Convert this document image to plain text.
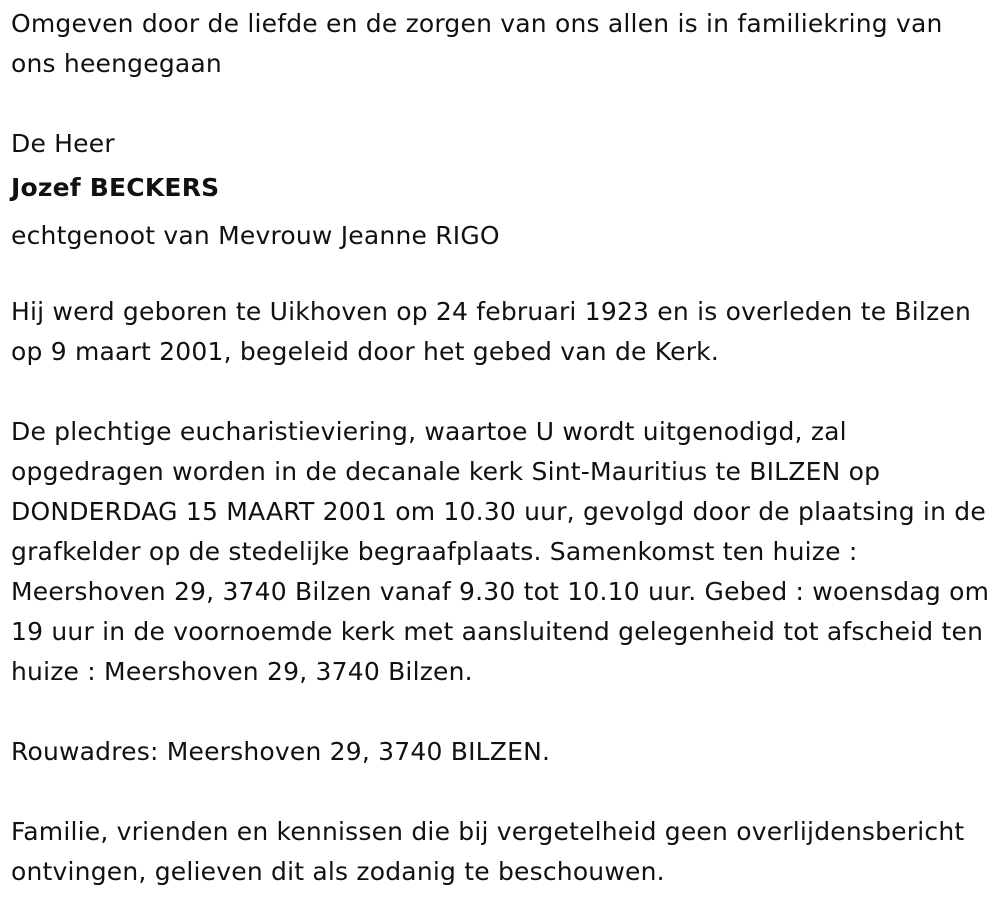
Omgeven door de liefde en de zorgen van ons allen is in familiekring van ons heengegaan

De Heer

Jozef BECKERS

echtgenoot van Mevrouw Jeanne RIGO

Hij werd geboren te Uikhoven op 24 februari 1923 en is overleden te Bilzen op 9 maart 2001, begeleid door het gebed van de Kerk.

De plechtige eucharistieviering, waartoe U wordt uitgenodigd, zal opgedragen worden in de decanale kerk Sint-Mauritius te BILZEN op DONDERDAG 15 MAART 2001 om 10.30 uur, gevolgd door de plaatsing in de grafkelder op de stedelijke begraafplaats. Samenkomst ten huize : Meershoven 29, 3740 Bilzen vanaf 9.30 tot 10.10 uur. Gebed : woensdag om 19 uur in de voornoemde kerk met aansluitend gelegenheid tot afscheid ten huize : Meershoven 29, 3740 Bilzen.

Rouwadres: Meershoven 29, 3740 BILZEN.

Familie, vrienden en kennissen die bij vergetelheid geen overlijdensbericht ontvingen, gelieven dit als zodanig te beschouwen.
